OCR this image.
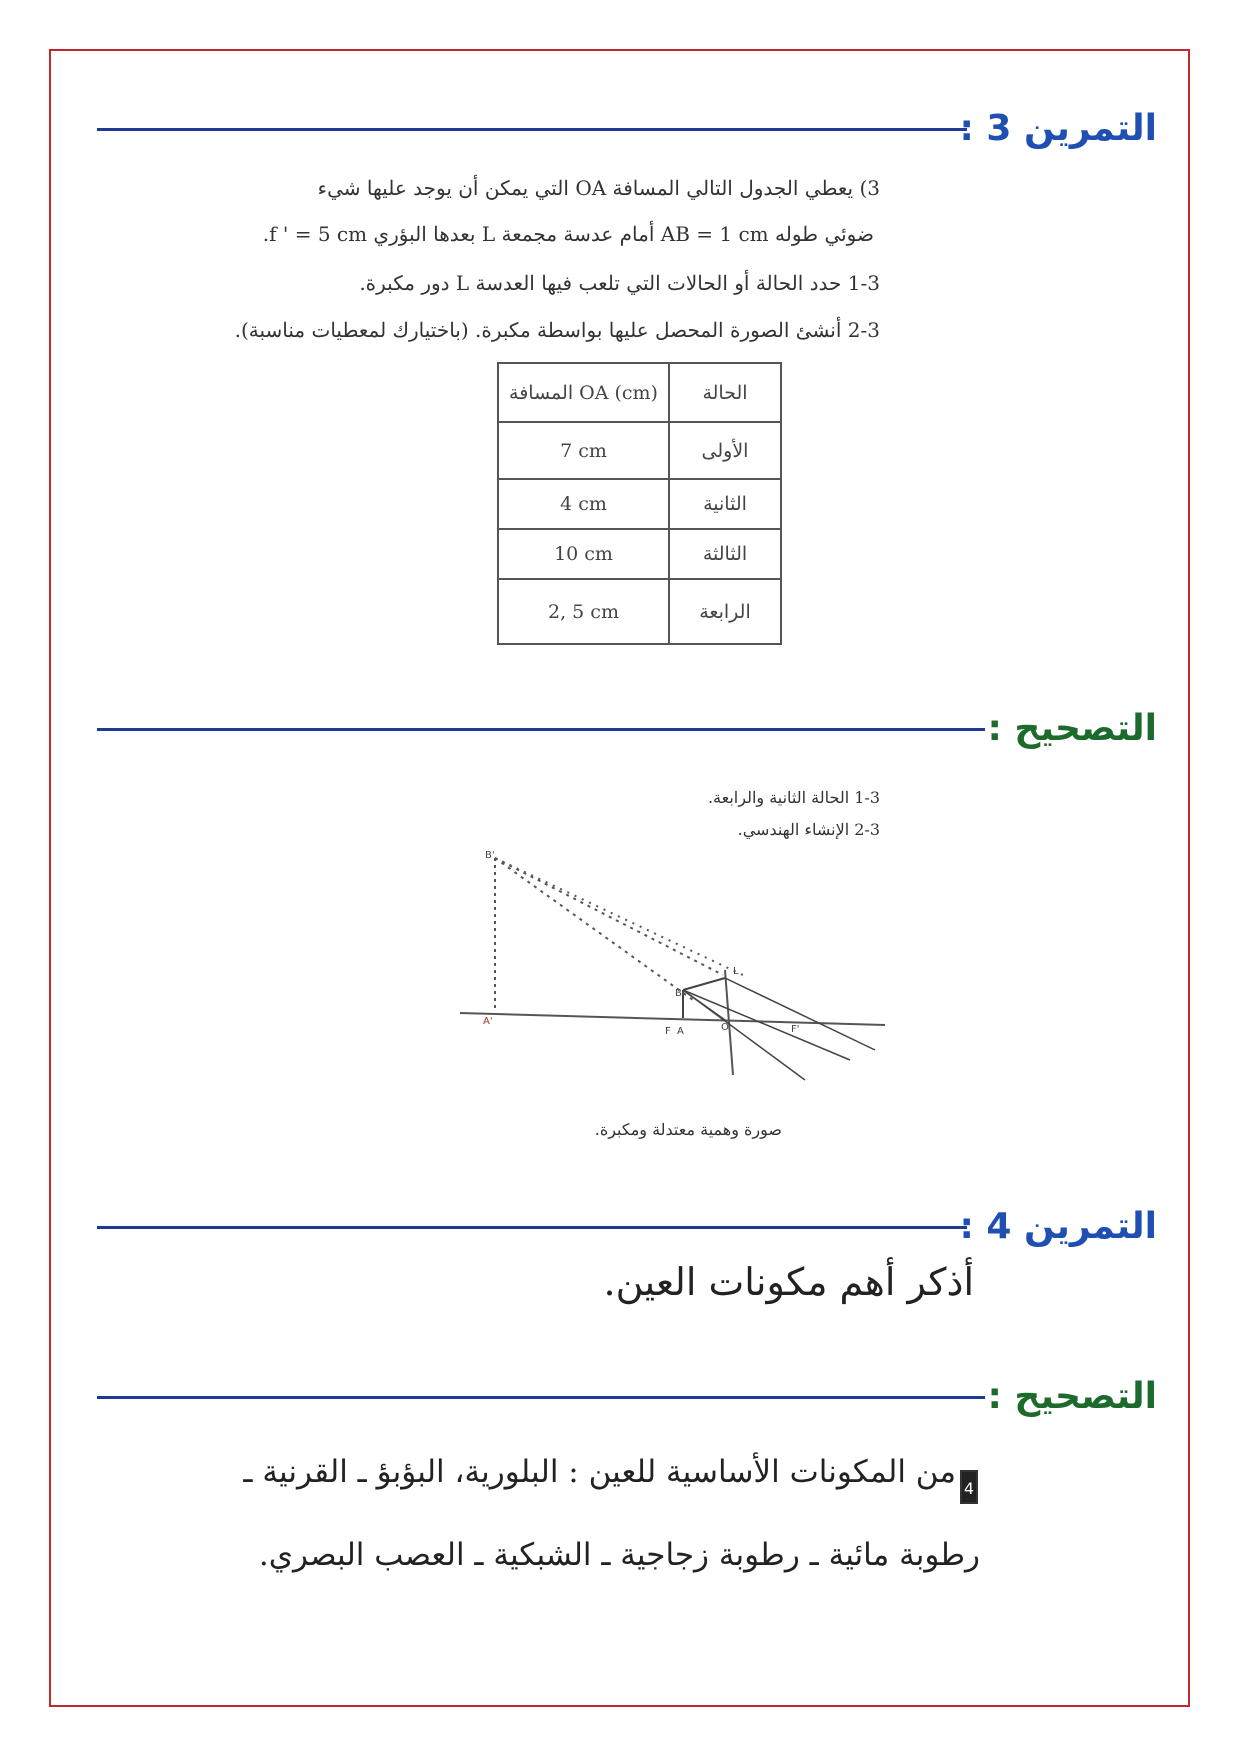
التمرين 3 :
3) يعطي الجدول التالي المسافة OA التي يمكن أن يوجد عليها شيء
ضوئي طوله AB = 1 cm أمام عدسة مجمعة L بعدها البؤري f ' = 5 cm.
1-3 حدد الحالة أو الحالات التي تلعب فيها العدسة L دور مكبرة.
2-3 أنشئ الصورة المحصل عليها بواسطة مكبرة. (باختيارك لمعطيات مناسبة).
المسافة OA (cm)	الحالة
7 cm	الأولى
4 cm	الثانية
10 cm	الثالثة
2, 5 cm	الرابعة
التصحيح :
1-3 الحالة الثانية والرابعة.
2-3 الإنشاء الهندسي.
B'
A'
B
A
F	O	F'
L
صورة وهمية معتدلة ومكبرة.
التمرين 4 :
أذكر أهم مكونات العين.
التصحيح :
4
من المكونات الأساسية للعين : البلورية، البؤبؤ ـ القرنية ـ
رطوبة مائية ـ رطوبة زجاجية ـ الشبكية ـ العصب البصري.
